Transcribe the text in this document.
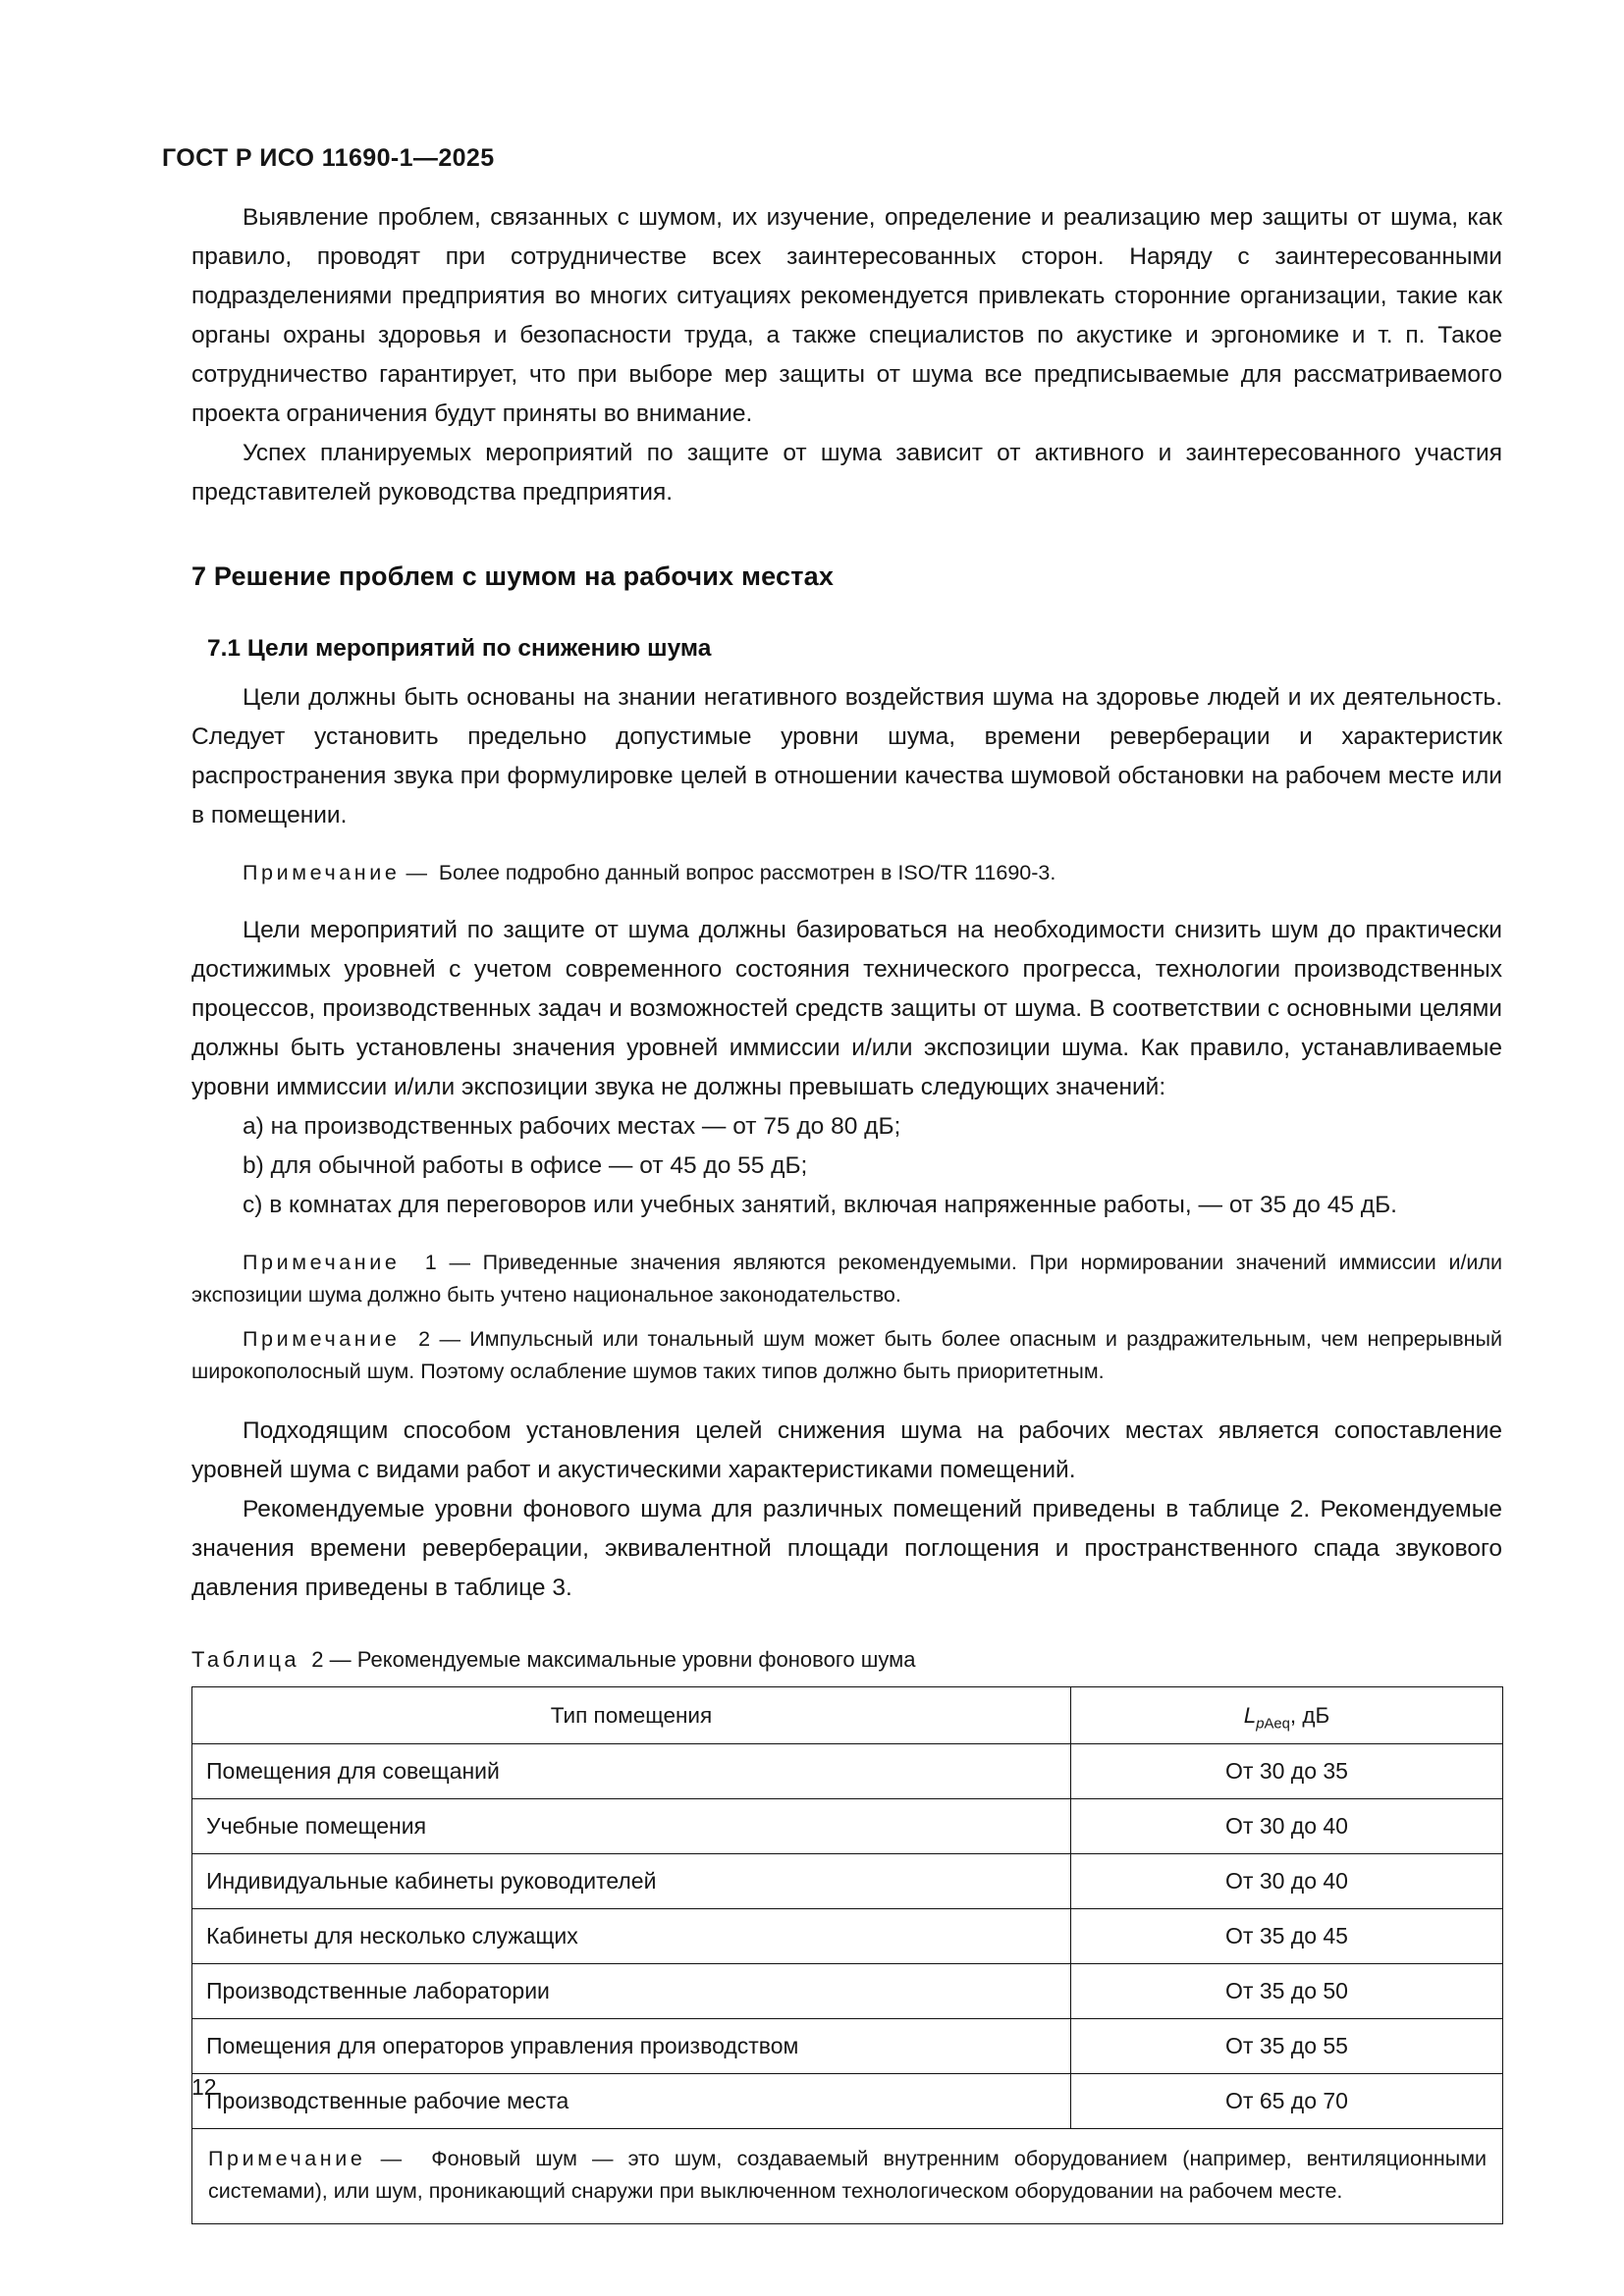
ГОСТ Р ИСО 11690-1—2025

Выявление проблем, связанных с шумом, их изучение, определение и реализацию мер защиты от шума, как правило, проводят при сотрудничестве всех заинтересованных сторон. Наряду с заинтересованными подразделениями предприятия во многих ситуациях рекомендуется привлекать сторонние организации, такие как органы охраны здоровья и безопасности труда, а также специалистов по акустике и эргономике и т. п. Такое сотрудничество гарантирует, что при выборе мер защиты от шума все предписываемые для рассматриваемого проекта ограничения будут приняты во внимание.

Успех планируемых мероприятий по защите от шума зависит от активного и заинтересованного участия представителей руководства предприятия.

7 Решение проблем с шумом на рабочих местах
7.1 Цели мероприятий по снижению шума

Цели должны быть основаны на знании негативного воздействия шума на здоровье людей и их деятельность. Следует установить предельно допустимые уровни шума, времени реверберации и характеристик распространения звука при формулировке целей в отношении качества шумовой обстановки на рабочем месте или в помещении.

Примечание — Более подробно данный вопрос рассмотрен в ISO/TR 11690-3.

Цели мероприятий по защите от шума должны базироваться на необходимости снизить шум до практически достижимых уровней с учетом современного состояния технического прогресса, технологии производственных процессов, производственных задач и возможностей средств защиты от шума. В соответствии с основными целями должны быть установлены значения уровней иммиссии и/или экспозиции шума. Как правило, устанавливаемые уровни иммиссии и/или экспозиции звука не должны превышать следующих значений:

a) на производственных рабочих местах — от 75 до 80 дБ;

b) для обычной работы в офисе — от 45 до 55 дБ;

c) в комнатах для переговоров или учебных занятий, включая напряженные работы, — от 35 до 45 дБ.

Примечание 1 — Приведенные значения являются рекомендуемыми. При нормировании значений иммиссии и/или экспозиции шума должно быть учтено национальное законодательство.

Примечание 2 — Импульсный или тональный шум может быть более опасным и раздражительным, чем непрерывный широкополосный шум. Поэтому ослабление шумов таких типов должно быть приоритетным.

Подходящим способом установления целей снижения шума на рабочих местах является сопоставление уровней шума с видами работ и акустическими характеристиками помещений.

Рекомендуемые уровни фонового шума для различных помещений приведены в таблице 2. Рекомендуемые значения времени реверберации, эквивалентной площади поглощения и пространственного спада звукового давления приведены в таблице 3.

Таблица 2 — Рекомендуемые максимальные уровни фонового шума
Тип помещения	$L_{pAeq}$, дБ
Помещения для совещаний	От 30 до 35
Учебные помещения	От 30 до 40
Индивидуальные кабинеты руководителей	От 30 до 40
Кабинеты для несколько служащих	От 35 до 45
Производственные лаборатории	От 35 до 50
Помещения для операторов управления производством	От 35 до 55
Производственные рабочие места	От 65 до 70
Примечание — Фоновый шум — это шум, создаваемый внутренним оборудованием (например, вентиляционными системами), или шум, проникающий снаружи при выключенном технологическом оборудовании на рабочем месте.	
12
